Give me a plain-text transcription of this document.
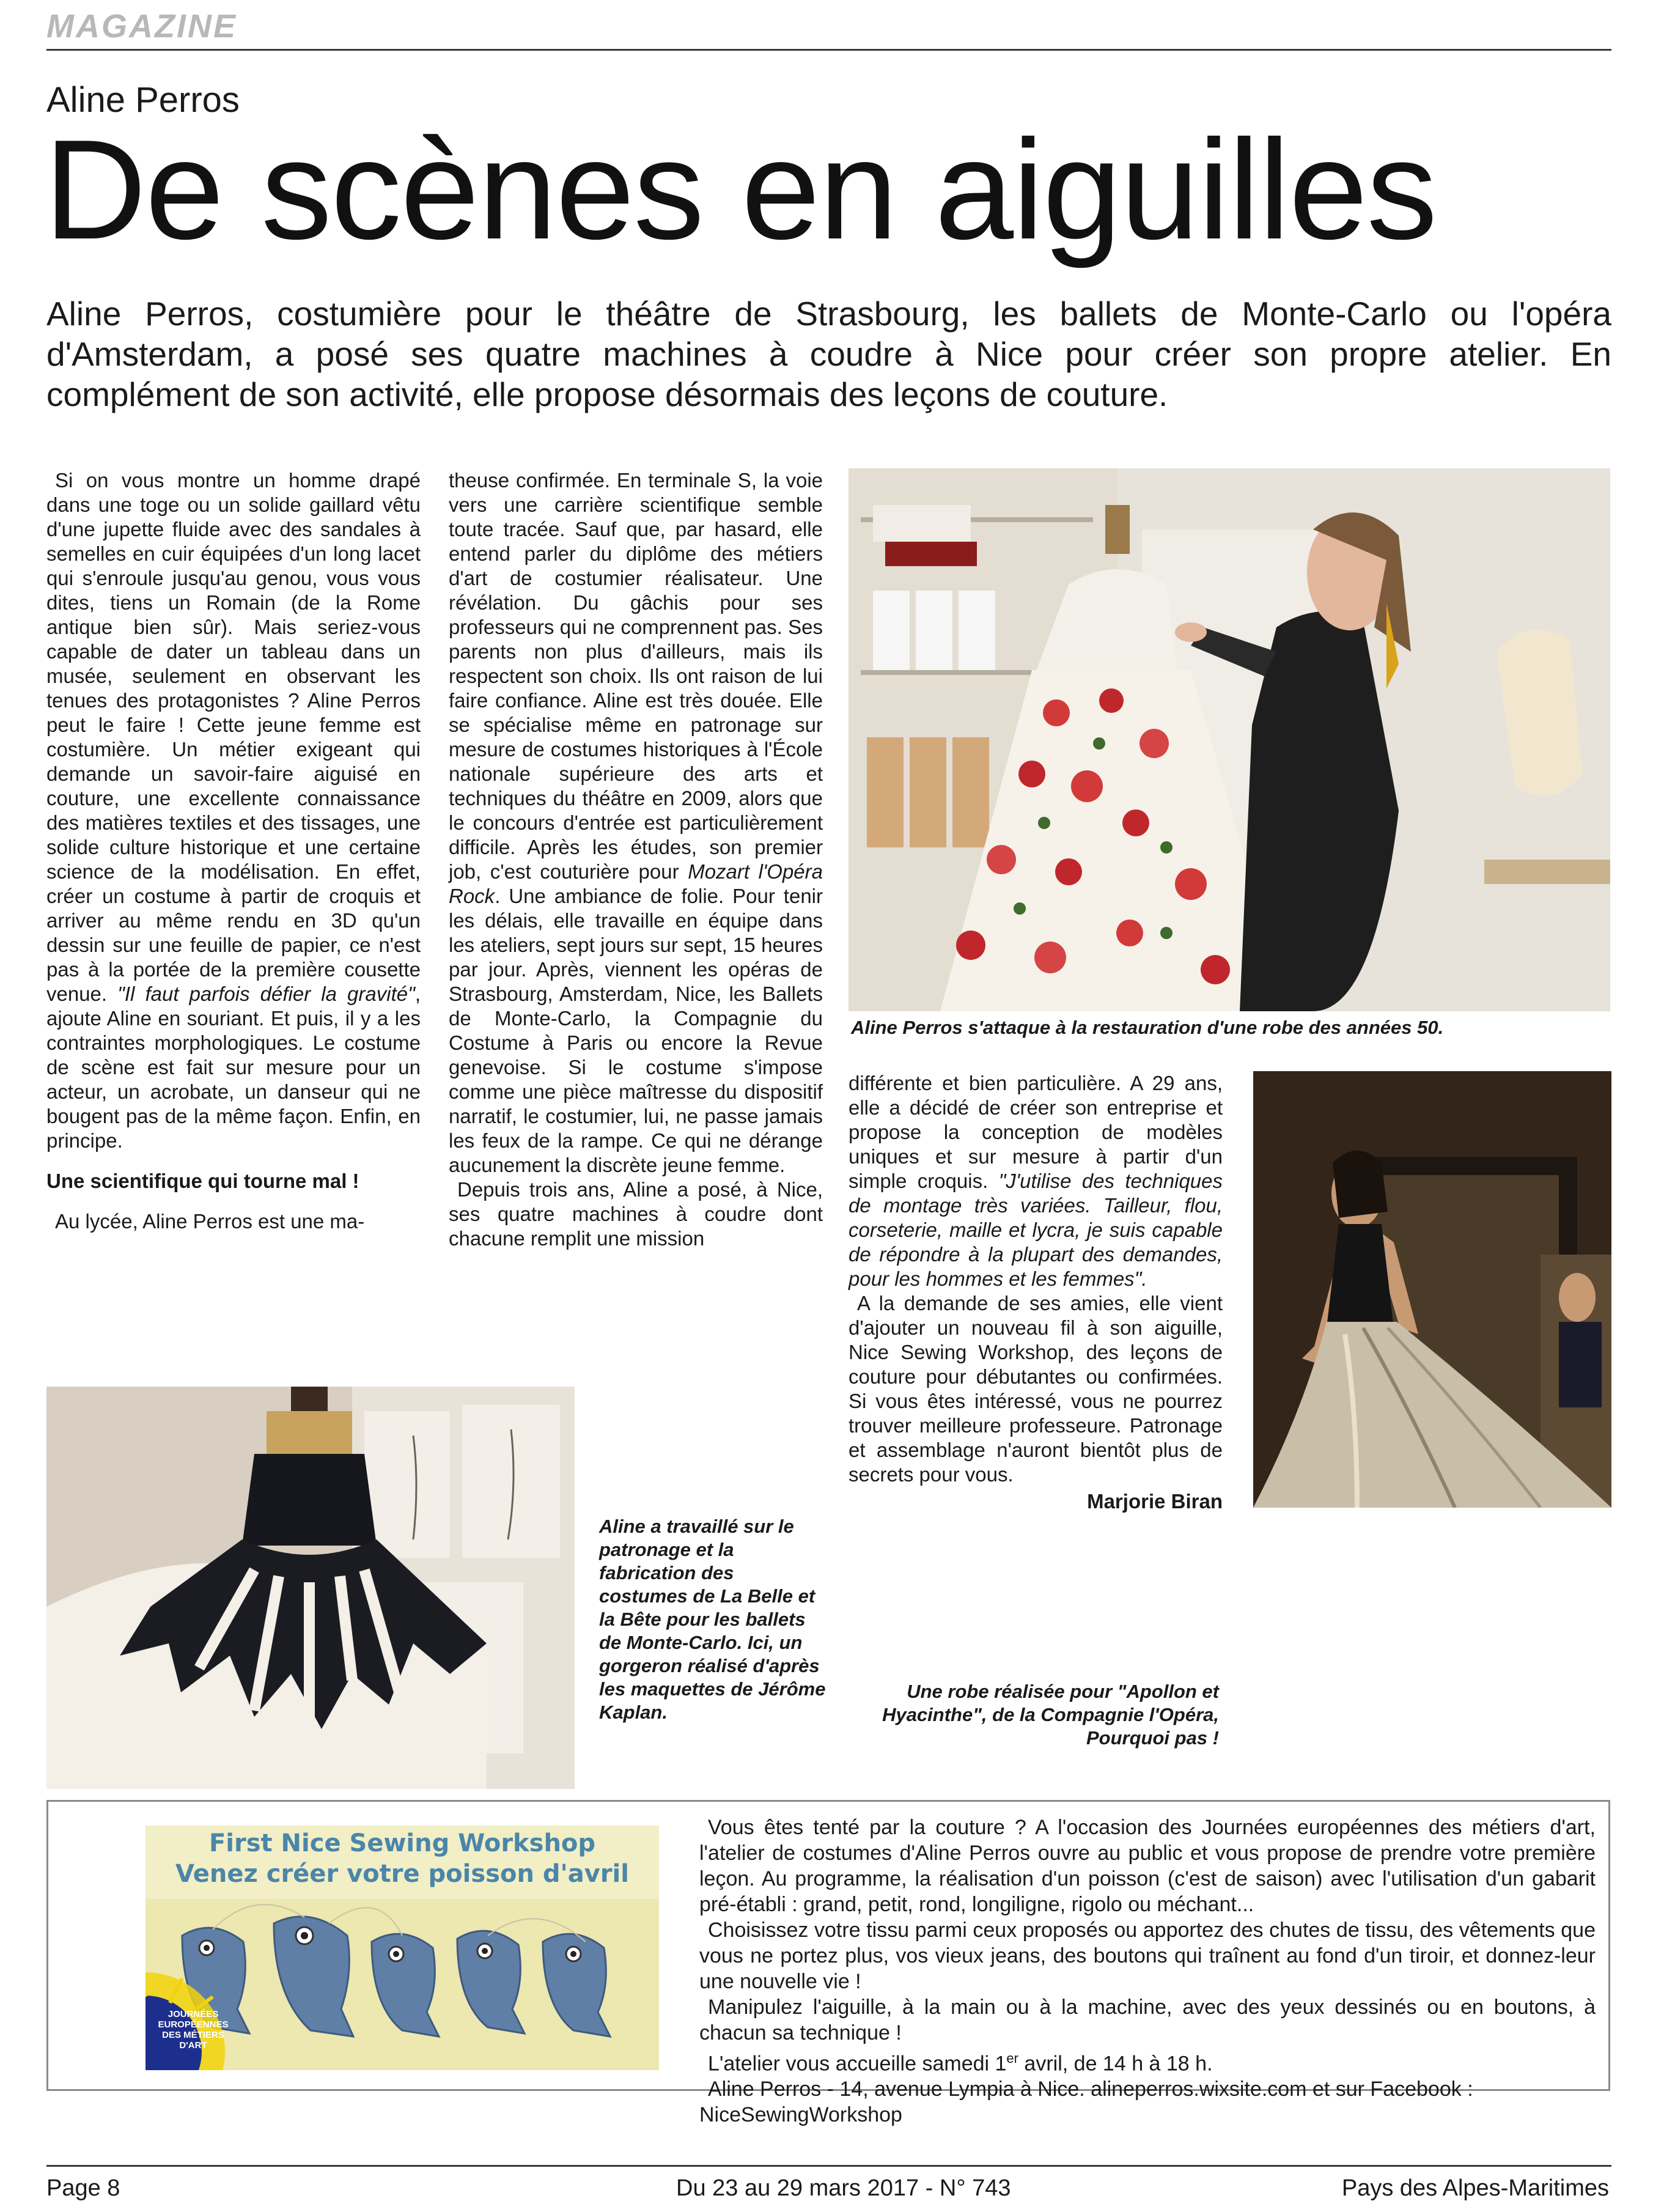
MAGAZINE
Aline Perros
De scènes en aiguilles
Aline Perros, costumière pour le théâtre de Strasbourg, les ballets de Monte-Carlo ou l'opéra d'Amsterdam, a posé ses quatre machines à coudre à Nice pour créer son propre atelier. En complément de son activité, elle propose désormais des leçons de couture.

Si on vous montre un homme drapé dans une toge ou un solide gaillard vêtu d'une jupette fluide avec des sandales à semelles en cuir équipées d'un long lacet qui s'enroule jusqu'au genou, vous vous dites, tiens un Romain (de la Rome antique bien sûr). Mais seriez-vous capable de dater un tableau dans un musée, seulement en observant les tenues des protagonistes ? Aline Perros peut le faire ! Cette jeune femme est costumière. Un métier exigeant qui demande un savoir-faire aiguisé en couture, une excellente connaissance des matières textiles et des tissages, une solide culture historique et une certaine science de la modélisation. En effet, créer un costume à partir de croquis et arriver au même rendu en 3D qu'un dessin sur une feuille de papier, ce n'est pas à la portée de la première cousette venue. "Il faut parfois défier la gravité", ajoute Aline en souriant. Et puis, il y a les contraintes morphologiques. Le costume de scène est fait sur mesure pour un acteur, un acrobate, un danseur qui ne bougent pas de la même façon. Enfin, en principe.

Une scientifique qui tourne mal !

Au lycée, Aline Perros est une ma-

theuse confirmée. En terminale S, la voie vers une carrière scientifique semble toute tracée. Sauf que, par hasard, elle entend parler du diplôme des métiers d'art de costumier réalisateur. Une révélation. Du gâchis pour ses professeurs qui ne comprennent pas. Ses parents non plus d'ailleurs, mais ils respectent son choix. Ils ont raison de lui faire confiance. Aline est très douée. Elle se spécialise même en patronage sur mesure de costumes historiques à l'École nationale supérieure des arts et techniques du théâtre en 2009, alors que le concours d'entrée est particulièrement difficile. Après les études, son premier job, c'est couturière pour Mozart l'Opéra Rock. Une ambiance de folie. Pour tenir les délais, elle travaille en équipe dans les ateliers, sept jours sur sept, 15 heures par jour. Après, viennent les opéras de Strasbourg, Amsterdam, Nice, les Ballets de Monte-Carlo, la Compagnie du Costume à Paris ou encore la Revue genevoise. Si le costume s'impose comme une pièce maîtresse du dispositif narratif, le costumier, lui, ne passe jamais les feux de la rampe. Ce qui ne dérange aucunement la discrète jeune femme.

Depuis trois ans, Aline a posé, à Nice, ses quatre machines à coudre dont chacune remplit une mission

Aline Perros s'attaque à la restauration d'une robe des années 50.
Aline a travaillé sur le patronage et la fabrication des costumes de La Belle et la Bête pour les ballets de Monte-Carlo. Ici, un gorgeron réalisé d'après les maquettes de Jérôme Kaplan.

différente et bien particulière. A 29 ans, elle a décidé de créer son entreprise et propose la conception de modèles uniques et sur mesure à partir d'un simple croquis. "J'utilise des techniques de montage très variées. Tailleur, flou, corseterie, maille et lycra, je suis capable de répondre à la plupart des demandes, pour les hommes et les femmes".

A la demande de ses amies, elle vient d'ajouter un nouveau fil à son aiguille, Nice Sewing Workshop, des leçons de couture pour débutantes ou confirmées. Si vous êtes intéressé, vous ne pourrez trouver meilleure professeure. Patronage et assemblage n'auront bientôt plus de secrets pour vous.

Marjorie Biran
Une robe réalisée pour "Apollon et Hyacinthe", de la Compagnie l'Opéra, Pourquoi pas !
First Nice Sewing Workshop
Venez créer votre poisson d'avril
JOURNÉES EUROPÉENNES DES MÉTIERS D'ART

Vous êtes tenté par la couture ? A l'occasion des Journées européennes des métiers d'art, l'atelier de costumes d'Aline Perros ouvre au public et vous propose de prendre votre première leçon. Au programme, la réalisation d'un poisson (c'est de saison) avec l'utilisation d'un gabarit pré-établi : grand, petit, rond, longiligne, rigolo ou méchant...

Choisissez votre tissu parmi ceux proposés ou apportez des chutes de tissu, des vêtements que vous ne portez plus, vos vieux jeans, des boutons qui traînent au fond d'un tiroir, et donnez-leur une nouvelle vie !

Manipulez l'aiguille, à la main ou à la machine, avec des yeux dessinés ou en boutons, à chacun sa technique !

L'atelier vous accueille samedi 1er avril, de 14 h à 18 h.

Aline Perros - 14, avenue Lympia à Nice. alineperros.wixsite.com et sur Facebook : NiceSewingWorkshop

Page 8	Du 23 au 29 mars 2017 - N° 743	Pays des Alpes-Maritimes
